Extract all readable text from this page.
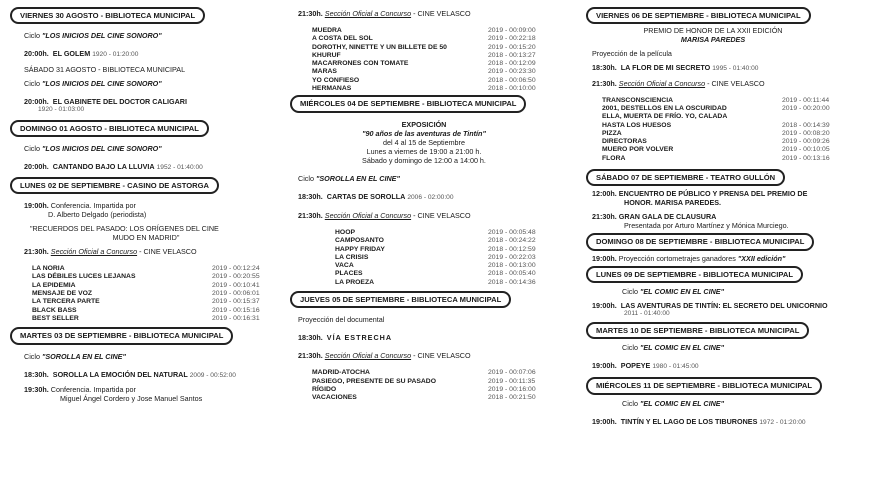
VIERNES 30 AGOSTO - BIBLIOTECA MUNICIPAL
Ciclo "LOS INICIOS DEL CINE SONORO"
20:00h. EL GOLEM 1920 - 01:20:00
SÁBADO 31 AGOSTO - BIBLIOTECA MUNICIPAL
Ciclo "LOS INICIOS DEL CINE SONORO"
20:00h. EL GABINETE DEL DOCTOR CALIGARI
1920 - 01:03:00
DOMINGO 01 AGOSTO - BIBLIOTECA MUNICIPAL
Ciclo "LOS INICIOS DEL CINE SONORO"
20:00h. CANTANDO BAJO LA LLUVIA 1952 - 01:40:00
LUNES 02 DE SEPTIEMBRE - CASINO DE ASTORGA
19:00h. Conferencia. Impartida por
D. Alberto Delgado (periodista)
"RECUERDOS DEL PASADO: LOS ORÍGENES DEL CINE
MUDO EN MADRID"
21:30h. Sección Oficial a Concurso - CINE VELASCO
LA NORIA	2019 - 00:12:24
LAS DÉBILES LUCES LEJANAS	2019 - 00:20:55
LA EPIDEMIA	2019 - 00:10:41
MENSAJE DE VOZ	2019 - 00:06:01
LA TERCERA PARTE	2019 - 00:15:37
BLACK BASS	2019 - 00:15:16
BEST SELLER	2019 - 00:16:31
MARTES 03 DE SEPTIEMBRE - BIBLIOTECA MUNICIPAL
Ciclo "SOROLLA EN EL CINE"
18:30h. SOROLLA LA EMOCIÓN DEL NATURAL 2009 - 00:52:00
19:30h. Conferencia. Impartida por
Miguel Ángel Cordero y Jose Manuel Santos
21:30h. Sección Oficial a Concurso - CINE VELASCO
MUEDRA	2019 - 00:09:00
A COSTA DEL SOL	2019 - 00:22:18
DOROTHY, NINETTE Y UN BILLETE DE 50	2019 - 00:15:20
KHURUF	2018 - 00:13:27
MACARRONES CON TOMATE	2018 - 00:12:09
MARAS	2019 - 00:23:30
YO CONFIESO	2018 - 00:06:50
HERMANAS	2018 - 00:10:00
MIÉRCOLES 04 DE SEPTIEMBRE - BIBLIOTECA MUNICIPAL
EXPOSICIÓN
"90 años de las aventuras de Tintín"
del 4 al 15 de Septiembre
Lunes a viernes de 19:00 a 21:00 h.
Sábado y domingo de 12:00 a 14:00 h.
Ciclo "SOROLLA EN EL CINE"
18:30h. CARTAS DE SOROLLA 2006 - 02:00:00
21:30h. Sección Oficial a Concurso - CINE VELASCO
HOOP	2019 - 00:05:48
CAMPOSANTO	2018 - 00:24:22
HAPPY FRIDAY	2018 - 00:12:59
LA CRISIS	2019 - 00:22:03
VACA	2018 - 00:13:00
PLACES	2018 - 00:05:40
LA PROEZA	2018 - 00:14:36
JUEVES 05 DE SEPTIEMBRE - BIBLIOTECA MUNICIPAL
Proyección del documental
18:30h. VÍA ESTRECHA
21:30h. Sección Oficial a Concurso - CINE VELASCO
MADRID-ATOCHA	2019 - 00:07:06
PASIEGO, PRESENTE DE SU PASADO	2019 - 00:11:35
RÍGIDO	2019 - 00:16:00
VACACIONES	2018 - 00:21:50
VIERNES 06 DE SEPTIEMBRE - BIBLIOTECA MUNICIPAL
PREMIO DE HONOR DE LA XXII EDICIÓN
MARISA PAREDES
Proyección de la película
18:30h. LA FLOR DE MI SECRETO 1995 - 01:40:00
21:30h. Sección Oficial a Concurso - CINE VELASCO
TRANSCONSCIENCIA	2019 - 00:11:44
2001, DESTELLOS EN LA OSCURIDAD	2019 - 00:20:00
ELLA, MUERTA DE FRÍO. YO, CALADA
HASTA LOS HUESOS	2018 - 00:14:39
PIZZA	2019 - 00:08:20
DIRECTORAS	2019 - 00:09:26
MUERO POR VOLVER	2019 - 00:10:05
FLORA	2019 - 00:13:16
SÁBADO 07 DE SEPTIEMBRE - TEATRO GULLÓN
12:00h. ENCUENTRO DE PÚBLICO Y PRENSA DEL PREMIO DE
HONOR. MARISA PAREDES.
21:30h. GRAN GALA DE CLAUSURA
Presentada por Arturo Martínez y Mónica Murciego.
DOMINGO 08 DE SEPTIEMBRE - BIBLIOTECA MUNICIPAL
19:00h. Proyección cortometrajes ganadores "XXII edición"
LUNES 09 DE SEPTIEMBRE - BIBLIOTECA MUNICIPAL
Ciclo "EL COMIC EN EL CINE"
19:00h. LAS AVENTURAS DE TINTÍN: EL SECRETO DEL UNICORNIO
2011 - 01:40:00
MARTES 10 DE SEPTIEMBRE - BIBLIOTECA MUNICIPAL
Ciclo "EL COMIC EN EL CINE"
19:00h. POPEYE 1980 - 01:45:00
MIÉRCOLES 11 DE SEPTIEMBRE - BIBLIOTECA MUNICIPAL
Ciclo "EL COMIC EN EL CINE"
19:00h. TINTÍN Y EL LAGO DE LOS TIBURONES 1972 - 01:20:00
